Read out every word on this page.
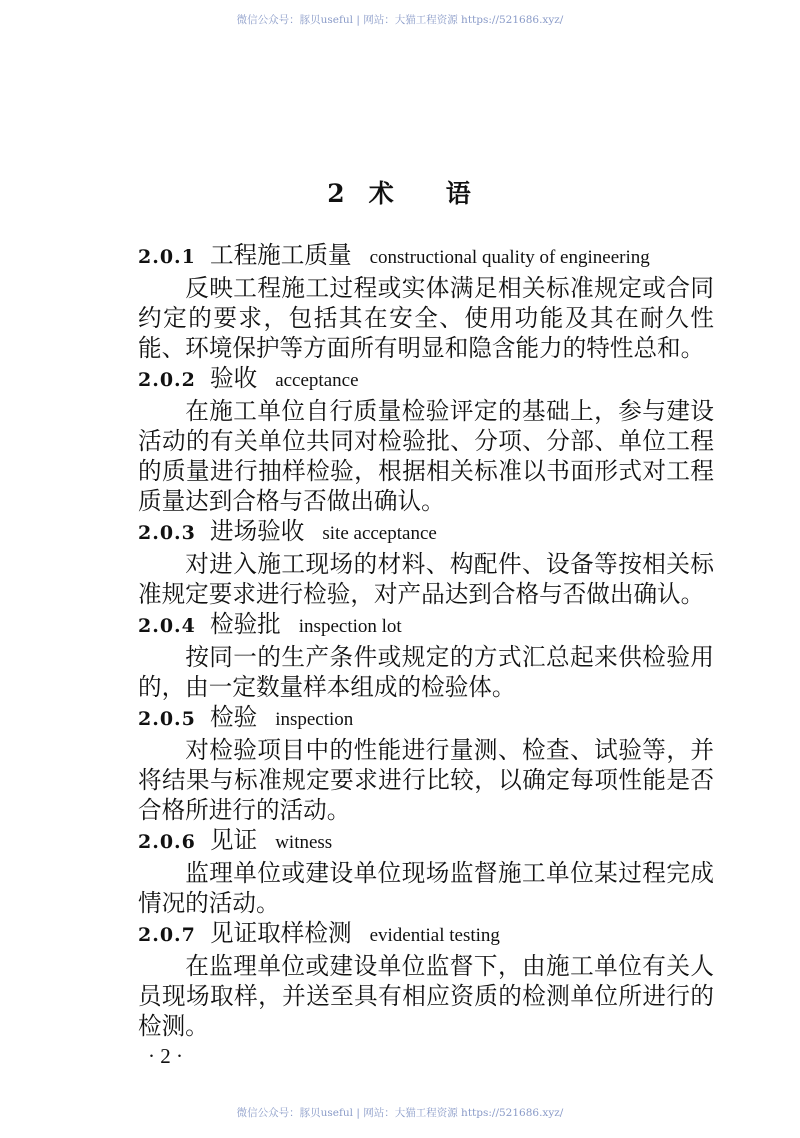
微信公众号：豚贝useful | 网站：大猫工程资源 https://521686.xyz/
2 术 语
2.0.1 工程施工质量 constructional quality of engineering
反映工程施工过程或实体满足相关标准规定或合同约定的要求，包括其在安全、使用功能及其在耐久性能、环境保护等方面所有明显和隐含能力的特性总和。
2.0.2 验收 acceptance
在施工单位自行质量检验评定的基础上，参与建设活动的有关单位共同对检验批、分项、分部、单位工程的质量进行抽样检验，根据相关标准以书面形式对工程质量达到合格与否做出确认。
2.0.3 进场验收 site acceptance
对进入施工现场的材料、构配件、设备等按相关标准规定要求进行检验，对产品达到合格与否做出确认。
2.0.4 检验批 inspection lot
按同一的生产条件或规定的方式汇总起来供检验用的，由一定数量样本组成的检验体。
2.0.5 检验 inspection
对检验项目中的性能进行量测、检查、试验等，并将结果与标准规定要求进行比较，以确定每项性能是否合格所进行的活动。
2.0.6 见证 witness
监理单位或建设单位现场监督施工单位某过程完成情况的活动。
2.0.7 见证取样检测 evidential testing
在监理单位或建设单位监督下，由施工单位有关人员现场取样，并送至具有相应资质的检测单位所进行的检测。
· 2 ·
微信公众号：豚贝useful | 网站：大猫工程资源 https://521686.xyz/
